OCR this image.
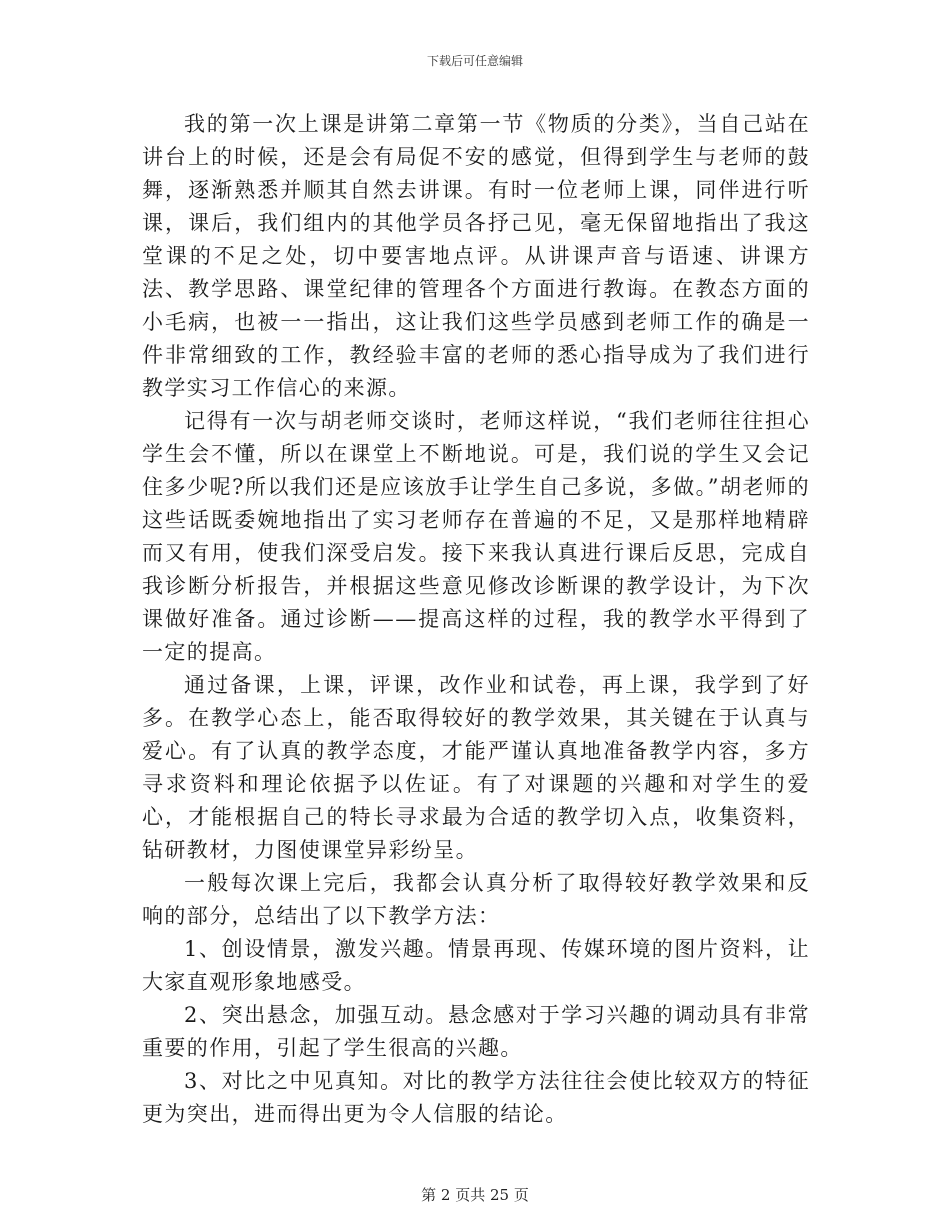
下载后可任意编辑

我的第一次上课是讲第二章第一节《物质的分类》，当自己站在讲台上的时候，还是会有局促不安的感觉，但得到学生与老师的鼓舞，逐渐熟悉并顺其自然去讲课。有时一位老师上课，同伴进行听课，课后，我们组内的其他学员各抒己见，毫无保留地指出了我这堂课的不足之处，切中要害地点评。从讲课声音与语速、讲课方法、教学思路、课堂纪律的管理各个方面进行教诲。在教态方面的小毛病，也被一一指出，这让我们这些学员感到老师工作的确是一件非常细致的工作，教经验丰富的老师的悉心指导成为了我们进行教学实习工作信心的来源。

记得有一次与胡老师交谈时，老师这样说，“我们老师往往担心学生会不懂，所以在课堂上不断地说。可是，我们说的学生又会记住多少呢?所以我们还是应该放手让学生自己多说，多做。”胡老师的这些话既委婉地指出了实习老师存在普遍的不足，又是那样地精辟而又有用，使我们深受启发。接下来我认真进行课后反思，完成自我诊断分析报告，并根据这些意见修改诊断课的教学设计，为下次课做好准备。通过诊断——提高这样的过程，我的教学水平得到了一定的提高。

通过备课，上课，评课，改作业和试卷，再上课，我学到了好多。在教学心态上，能否取得较好的教学效果，其关键在于认真与爱心。有了认真的教学态度，才能严谨认真地准备教学内容，多方寻求资料和理论依据予以佐证。有了对课题的兴趣和对学生的爱心，才能根据自己的特长寻求最为合适的教学切入点，收集资料，钻研教材，力图使课堂异彩纷呈。

一般每次课上完后，我都会认真分析了取得较好教学效果和反响的部分，总结出了以下教学方法：

1、创设情景，激发兴趣。情景再现、传媒环境的图片资料，让大家直观形象地感受。

2、突出悬念，加强互动。悬念感对于学习兴趣的调动具有非常重要的作用，引起了学生很高的兴趣。

3、对比之中见真知。对比的教学方法往往会使比较双方的特征更为突出，进而得出更为令人信服的结论。

第 2 页共 25 页
